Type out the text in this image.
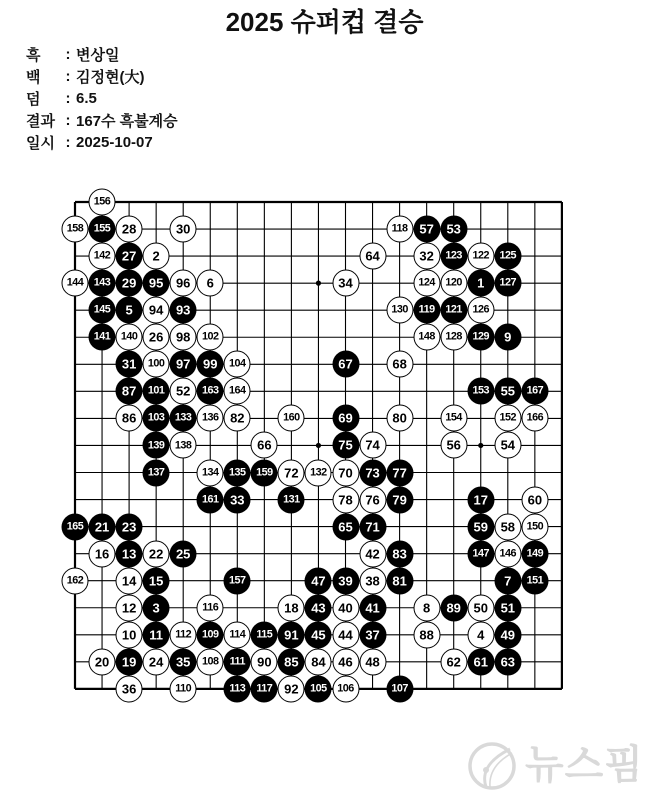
2025 슈퍼컵 결승
흑	: 변상일
백	: 김정현(大)
덤	: 6.5
결과 : 167수 흑불계승
일시 : 2025-10-07
1
2
3
4
5
6
7
8
9
10 11
12
13
14 15
16
17
18
19
20
21
22
23
24
25
26
27
28
29
30
31
32
33
34
35
36
37
38
39
40 41
42
43
44
45
46
47
48
49
50 51
52
53
54
55
56
57
58
59
60
61
62	63
64
65
66
67	68
69
70
71
72	73
74
75
76
77
78	79
80
81
82
83
84
85
86
87
88
89
90
91
92
93
94
95 96
97
98
99
100
101
102
103
104
105 106	107
108
109
110
111
112
113
114	115
116
117
118
119
120
121
122
123
124
125
126
127
128 129
130
131
132
133
134 135
136
137
138
139
140
141
142
143
144
145
146
147
148
149
150
151
152
153
154
155
156
157
158
159
160
161
162
163 164
165
166
167
뉴스핌
